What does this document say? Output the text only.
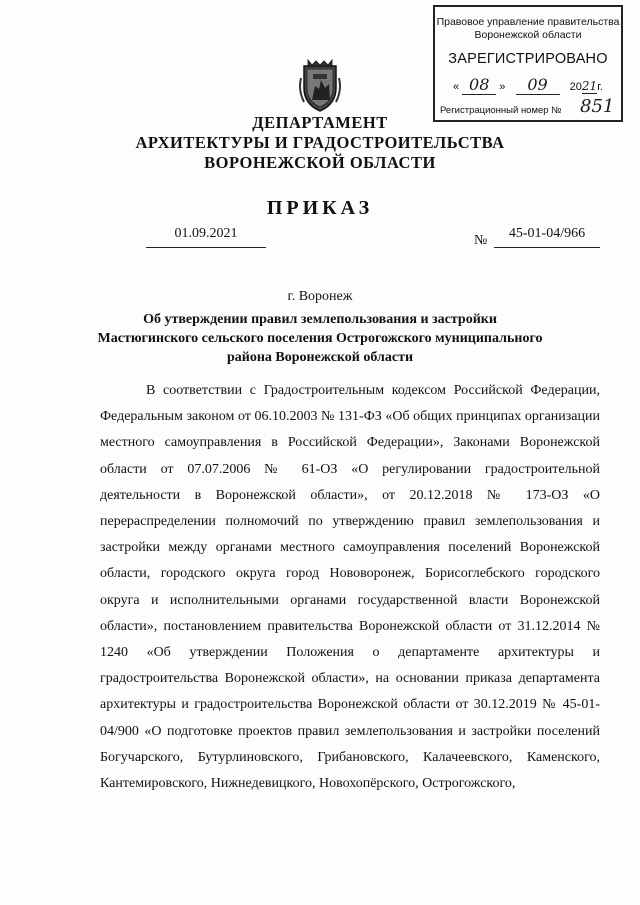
Правовое управление правительства
Воронежской области
ЗАРЕГИСТРИРОВАНО
« 08 » 09 2021г.
Регистрационный номер № 851
ДЕПАРТАМЕНТ
АРХИТЕКТУРЫ И ГРАДОСТРОИТЕЛЬСТВА
ВОРОНЕЖСКОЙ ОБЛАСТИ
ПРИКАЗ
01.09.2021	№	45-01-04/966
г. Воронеж
Об утверждении правил землепользования и застройки
Мастюгинского сельского поселения Острогожского муниципального
района Воронежской области

В соответствии с Градостроительным кодексом Российской Федерации, Федеральным законом от 06.10.2003 № 131-ФЗ «Об общих принципах организации местного самоуправления в Российской Федерации», Законами Воронежской области от 07.07.2006 № 61-ОЗ «О регулировании градостроительной деятельности в Воронежской области», от 20.12.2018 № 173-ОЗ «О перераспределении полномочий по утверждению правил землепользования и застройки между органами местного самоуправления поселений Воронежской области, городского округа город Нововоронеж, Борисоглебского городского округа и исполнительными органами государственной власти Воронежской области», постановлением правительства Воронежской области от 31.12.2014 № 1240 «Об утверждении Положения о департаменте архитектуры и градостроительства Воронежской области», на основании приказа департамента архитектуры и градостроительства Воронежской области от 30.12.2019 № 45-01-04/900 «О подготовке проектов правил землепользования и застройки поселений Богучарского, Бутурлиновского, Грибановского, Калачеевского, Каменского, Кантемировского, Нижнедевицкого, Новохопёрского, Острогожского,
